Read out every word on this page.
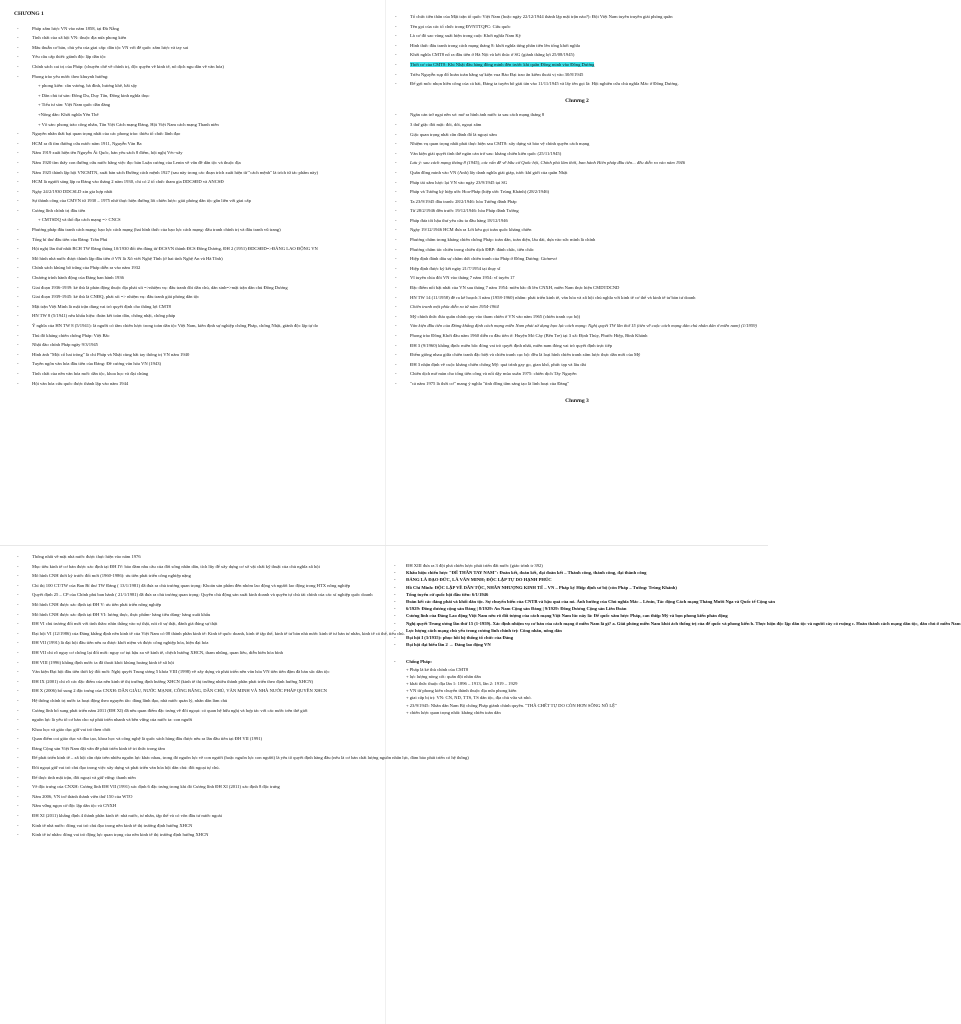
CHƯƠNG 1
- Pháp xâm lược VN vào năm 1858, tại Đà Nẵng
- Tính chất của xã hội VN: thuộc địa nửa phong kiến
- Mâu thuẫn cơ bản, chủ yếu của giai cấp: dân tộc VN với đế quốc xâm lược và tay sai
- Yêu cầu cấp thiết: giành độc lập dân tộc
- Chính sách cai trị của Pháp: (chuyên chế về chính trị, độc quyền về kinh tế, nô dịch ngu dân về văn hóa)
- Phong trào yêu nước theo khuynh hướng:
+ phong kiến: cần vương, bà đình, hương khê, bãi sậy
+ Dân chủ tư sản: Đông Du, Duy Tân, Đông kinh nghĩa thục
+ Tiểu tư sản: Việt Nam quốc dân đảng
+Nông dân: Khởi nghĩa Yên Thế
+ Vô sản: phong trào công nhân, Tân Việt Cách mạng Đảng, Hội Việt Nam cách mạng Thanh niên
- Nguyên nhân thất bại quan trọng nhất của các phong trào: thiếu tổ chức lãnh đạo
- HCM ra đi tìm đường cứu nước năm 1911, Nguyễn Văn Ba
- Năm 1919 xuất hiện tên Nguyễn Ái Quốc, bản yêu sách 8 điểm, hội nghị Véc-xây
- Năm 1920 tìm thấy con đường cứu nước bằng việc đọc bản Luận cương của Lenin về vấn đề dân tộc và thuộc địa
- Năm 1925 thành lập hội VNCMTN, xuất bản sách Đường cách mệnh 1927 (sau này trong các đoạn trích xuất hiện từ "cách mệnh" là trích từ tác phẩm này)
- HCM là người sáng lập ra Đảng vào tháng 2 năm 1930, chỉ có 2 tổ chức tham gia DDCSĐD và ANCSĐ
- Ngày 24/2/1930 DDCSLD xin gia hợp nhất
- Sự thành công của CMVN từ 1930 – 1975 nhờ thực hiện đường lối chiến lược: giải phóng dân tộc gắn liền với giai cấp
- Cương lĩnh chính trị đầu tiên
+ CMTSDQ và thổ địa cách mạng => CNCS
- Phương pháp đấu tranh cách mạng: bạo lực cách mạng (hai hình thức của bạo lực cách mạng: đấu tranh chính trị và đấu tranh vũ trang)
- Tổng bí thư đầu tiên của Đảng: Trần Phú
- Hội nghị lần thứ nhất BCH TW Đảng tháng 10/1930 đổi tên đảng từ ĐCSVN thành ĐCS Đông Dương, ĐH 2 (1951) ĐDCSĐD=>ĐẢNG LAO ĐỘNG VN
- Mô hình nhà nước được thành lập đầu tiên ở VN là Xô viết Nghệ Tĩnh (ở hai tỉnh Nghệ An và Hà Tĩnh)
- Chính sách khủng bố trắng của Pháp diễn ra vào năm 1932
- Chương trình hành động của Đảng ban hành 1936
- Giai đoạn 1936-1939: kẻ thù là phản động thuộc địa phát xít =>nhiệm vụ: đấu tranh đòi dân chủ, dân sinh=>mặt trận dân chủ Đông Dương
- Giai đoạn 1939-1945: kẻ thù là CNĐQ, phát xít => nhiệm vụ: đấu tranh giải phóng dân tộc
- Mặt trận Việt Minh là mặt trận dùng vai trò quyết định cho thắng lợi CMT8
- HN TW 8 (5/1941) nêu khẩu hiệu: đoàn kết toàn dân, chống nhật, chống pháp
- Ý nghĩa của HN TW 8 (5/1941): là người có tầm chiến lược trong toàn dân tộc Việt Nam, kiên định sự nghiệp chống Pháp, chống Nhật, giành độc lập tự do
- Thủ đô kháng chiến chống Pháp: Việt Bắc
- Nhật đảo chính Pháp ngày 9/3/1945
- Hình ảnh "Một cổ hai tròng" là chỉ Pháp và Nhật cùng bắt tay thống trị VN năm 1940
- Tuyên ngôn văn hóa đầu tiên của Đảng: Đề cương văn hóa VN (1943)
- Tính chất của nền văn hóa mới: dân tộc, khoa học và đại chúng
- Hội văn hóa cứu quốc được thành lập vào năm 1944
- Tổ chức tiền thân của Mặt trận tổ quốc Việt Nam (hoặc ngày 22/12/1944 thành lập mặt trận nào?): Đội Việt Nam tuyên truyền giải phóng quân
- Tên gọi của các tổ chức trong ĐVNTTQPC: Cứu quốc
- Là cơ đô sao vàng xuất hiện trong cuộc Khởi nghĩa Nam Kỳ
- Hình thức đấu tranh trong cách mạng tháng 8: khởi nghĩa từng phần tiến lên tổng khởi nghĩa
- Khởi nghĩa CMT8 nổ ra đầu tiên ở Hà Nội và kết thúc ở SG (giành thắng lợi 25/08/1945)
- Thời cơ của CMT8: Khi Nhật đầu hàng đồng minh đến trước khi quân Đồng minh vào Đông Dương
- Triều Nguyễn sụp đổ hoàn toàn bằng sự kiện vua Bảo Đại trao ấn kiếm thoái vị vào 30/8/1945
- Để gợi mốc nhọn hiền công của cả bài, Đảng ta tuyên bố giải tán vào 11/11/1945 và lấy tên gọi là: Hội nghiên cứu chủ nghĩa Mác ở Đông Dương.
Chương 2
- Ngăn cản trở ngại nền sơ: mở ra hình ảnh nước ta sau cách mạng tháng 8
- 3 thứ giặc đói mặt: đói, dốt, ngoại xâm
- Giặc quan trọng nhất cần đánh đổ là ngoại xâm
- Nhiệm vụ quan trọng nhất phải thực hiện sau CMT8: xây dựng và bảo vệ chính quyền cách mạng
- Văn kiện giải quyết tình thế ngăn cản trở sau: kháng chiến kiến quốc (25/11/1945)
- Lưu ý: sau cách mạng tháng 8 (1945), các vấn đề về bầu cử Quốc hội, Chính phủ lâm thời, ban hành Hiến pháp đầu tiên... đều diễn ra vào năm 1946
- Quân đồng minh vào VN (Anh) lấy danh nghĩa giải giáp, tước khí giới của quân Nhật
- Pháp tái xâm lược lại VN vào ngày 23/9/1945 tại SG
- Pháp và Tưởng ký hiệp ước Hoa-Pháp (hiệp ước Trùng Khánh) (28/2/1946)
- Ta 23/9/1945 đầu tranh: 28/2/1946: hòa Tưởng đánh Pháp
- Từ 28/2/1946 đến trước 19/12/1946: hòa Pháp đánh Tưởng
- Pháp đưa tối hậu thư yêu cầu ta đầu hàng 18/12/1946
- Ngày 19/12/1946 HCM đưa ra Lời kêu gọi toàn quốc kháng chiến
- Phương châm trong kháng chiến chống Pháp: toàn dân, toàn diện, lâu dài, dựa vào sức mình là chính
- Phương châm tác chiến trong chiến dịch ĐBP: đánh chắc, tiến chắc
- Hiệp định đánh dấu sự chấm dứt chiến tranh của Pháp ở Đông Dương: Giơnevơ
- Hiệp định được ký kết ngày 21/7/1954 tại thụy sĩ
- Vĩ tuyến chia đôi VN vào tháng 7 năm 1954: vĩ tuyến 17
- Đặc điểm nổi bật nhất của VN sau tháng 7 năm 1954: miền bắc đi lên CNXH, miền Nam thực hiện CMDTDCND
- HN TW 14 (11/1958) đề ra kế hoạch 3 năm (1958-1960) nhằm: phát triển kinh tế, văn hóa và xã hội chủ nghĩa với kinh tế cơ thể và kinh tế tư bản tư doanh
- Chiến tranh một phía diễn ra từ năm 1954-1964
- Mỹ chính thức đưa quân chính quy vào tham chiến ở VN vào năm 1965 (chiến tranh cục bộ)
- Văn kiện đầu tiên của Đảng khẳng định cách mạng miền Nam phải sử dụng bạo lực cách mạng: Nghị quyết TW lần thứ 15 (tiên về cuộc cách mạng dân chủ nhân dân ở miền nam) (1/1959)
- Phong trào Đồng Khởi đầu năm 1960 diễn ra đầu tiên ở: Huyện Mỏ Cày (Bến Tre) tại 3 xã: Định Thủy, Phước Hiệp, Bình Khánh
- ĐH 3 (9/1960) khẳng định: miền bắc đóng vai trò quyết định nhất, miền nam đóng vai trò quyết định trực tiếp
- Điểm giống nhau giữa chiến tranh đặc biệt và chiến tranh cục bộ: đều là loại hình chiến tranh xâm lược thực dân mới của Mỹ
- ĐH 3 nhận định về cuộc kháng chiến chống Mỹ: quá trình gay go, gian khổ, phức tạp và lâu dài
- Chiến dịch mở màn cho tổng tiến công và nổi dậy mùa xuân 1975: chiến dịch Tây Nguyên
- "cả năm 1975 là thời cơ" mang ý nghĩa "tình đồng tâm sáng tạo là linh hoạt của Đảng"
Chương 3
- Thống nhất về mặt nhà nước được thực hiện vào năm 1976
- Mục tiêu kinh tế cơ bản được xác định tại ĐH IV: bảo đảm nhu cầu của đời sống nhân dân, tích lũy để xây dựng cơ sở vật chất kỹ thuật của chủ nghĩa xã hội
- Mô hình CNH thời kỳ trước đổi mới (1960-1986): ưu tiên phát triển công nghiệp nặng
- Chỉ thị 100 CT/TW của Ban Bí thư TW Đảng ( 13/1/1981) đã đưa ra chủ trương quan trọng: Khoán sản phẩm đến nhóm lao động và người lao động trong HTX nông nghiệp
- Quyết định 25 – CP của Chính phủ ban hành ( 21/1/1981) đã đưa ra chủ trương quan trọng: Quyền chủ động sản xuất kinh doanh và quyền tự chủ tài chính của các xí nghiệp quốc doanh
- Mô hình CNH được xác định tại ĐH V: ưu tiên phát triển nông nghiệp
- Mô hình CNH được xác định tại ĐH VI: lương thực, thực phẩm- hàng tiêu dùng- hàng xuất khẩu
- ĐH VI chủ trương đổi mới với tinh thần: nhìn thẳng vào sự thật, nói rõ sự thật, đánh giá đúng sự thật
- Đại hội VI (12/1986) của Đảng khẳng định nền kinh tế của Việt Nam có 08 thành phần kinh tế: Kinh tế quốc doanh, kinh tế tập thể, kinh tế tư bản nhà nước kinh tế tư bản tư nhân, kinh tế cá thể, tiểu chủ.
- ĐH VII (1991) là đại hội đầu tiên nêu ra được khởi niệm và được công nghiệp hóa, hiện đại hóa
- ĐH VII chỉ rõ nguy cơ chống lại đổi mới: nguy cơ tụt hậu xa về kinh tế, chệch hướng XHCN, tham nhũng, quan liêu, diễn biến hòa bình
- ĐH VIII (1996) khẳng định nước ta đã thoát khỏi khủng hoảng kinh tế xã hội
- Văn kiện Đại hội đầu tiên thời kỳ đổi mới: Nghị quyết Trung ương 5 khóa VIII (1998) về xây dựng và phát triển nền văn hóa VN tiên tiến đậm đà bản sắc dân tộc
- ĐH IX (2001) chỉ rõ các đặc điểm của nền kinh tế thị trường định hướng XHCN (kinh tế thị trường nhiều thành phần phát triển theo định hướng XHCN)
- ĐH X (2006) bổ sung 2 đặc trưng của CNXH: DÂN GIÀU, NƯỚC MẠNH, CÔNG BẰNG, DÂN CHỦ, VĂN MINH VÀ NHÀ NƯỚC PHÁP QUYỀN XHCN
- Hệ thống chính trị nước ta hoạt động theo nguyên tắc: đảng lãnh đạo, nhà nước quản lý, nhân dân làm chủ
- Cương lĩnh bổ sung phát triển năm 2011 (ĐH XI) đã nêu quan điểm đặc trưng về đối ngoại: có quan hệ hữu nghị và hợp tác với các nước trên thế giới
- nguồn lực là yếu tố cơ bản cho sự phát triển nhanh và bền vững của nước ta: con người
- Khoa học và giáo dục giữ vai trò then chốt
- Quan điểm coi giáo dục và đào tạo, khoa học và công nghệ là quốc sách hàng đầu được nêu ra lần đầu tiên tại ĐH VII (1991)
- Đảng Cộng sản Việt Nam đặt vấn đề phát triển kinh tế tri thức trong tâm
- Để phát triển kinh tế – xã hội cần dựa trên nhiều nguồn lực khác nhau, trong đó nguồn lực về con người (hoặc nguồn lực con người) là yếu tố quyết định hàng đầu (nếu là cơ bản chất lượng nguồn nhân lực, đảm bảo phát triển có hệ thống)
- Đối ngoại giữ vai trò chủ đạo trong việc xây dựng và phát triển văn hóa hội dân chủ: đối ngoại tự chủ.
- Để thực tình mặt trận, đối ngoại và giữ vững: thanh niên
- Về đặc trưng của CNXH: Cương lĩnh ĐH VII (1991) xác định 6 đặc trưng trong khi đó Cương lĩnh ĐH XI (2011) xác định 8 đặc trưng
- Năm 2006, VN trở thành thành viên thứ 150 của WTO
- Nắm vững ngọn cờ độc lập dân tộc và CNXH
- ĐH XI (2011) khẳng định 4 thành phần kinh tế: nhà nước, tư nhân, tập thể và có vốn đầu tư nước ngoài
- Kinh tế nhà nước: đóng vai trò chủ đạo trong nền kinh tế thị trường định hướng XHCN
- Kinh tế tư nhân: đóng vai trò động lực quan trọng của nền kinh tế thị trường định hướng XHCN
- ĐH XIII đưa ra 3 đột phá chiến lược phát triển đất nước (giáo trình tr 392)
- Khẩu hiệu chiến lược "ĐỂ THÂN TAY NAM": Đoàn kết, đoàn kết, đại đoàn kết – Thành công, thành công, đại thành công
- ĐẢNG LÀ ĐẠO ĐỨC, LÀ VĂN MINH; ĐỘC LẬP TỰ DO HẠNH PHÚC
- Hồ Chí Minh: ĐỘC LẬP VỀ DÂN TỘC, NHÂN NHƯỢNG KINH TẾ – VN – Pháp ký Hiệp định sơ bộ (còn Pháp – Tưởng: Trùng Khánh)
- Tổng tuyển cử quốc hội đầu tiên: 6/1/1946
- Đoàn kết các đảng phái và khối dân tộc. Sự chuyển biến của CNTB và hậu quả của nó. Ảnh hưởng của Chủ nghĩa Mác – Lênin, Tác động Cách mạng Tháng Mười Nga và Quốc tế Cộng sản
- 6/1929: Đông dương cộng sản Đảng | 8/1929: An Nam Cộng sản Đảng | 9/1929: Đông Dương Cộng sản Liên Đoàn
- Cương lĩnh của Đảng Lao động Việt Nam nêu rõ đối tượng của cách mạng Việt Nam lúc này là: Đế quốc xâm lược Pháp, can thiệp Mỹ và bọn phong kiến phản động
- Nghị quyết Trung ương lần thứ 15 (1-1959). Xác định nhiệm vụ cơ bản của cách mạng ở miền Nam là gì? a. Giải phóng miền Nam khỏi ách thống trị của đế quốc và phong kiến b. Thực hiện độc lập dân tộc và người cày có ruộng c. Hoàn thành cách mạng dân tộc, dân chủ ở miền Nam
- Lực lượng cách mạng chủ yếu trong cương lĩnh chính trị: Công nhân, nông dân
- Đại hội I (3/1935): phục hồi hệ thống tổ chức của Đảng
- Đại hội đại biểu lần 2 → Đảng lao động VN
- Chống Pháp:
+ Pháp là kẻ thù chính của CMT8
+ lực lượng nòng cốt: quân đội nhân dân
+ khái thức thuộc địa lần 1: 1896 – 1913, lần 2: 1919 – 1929
+ VN từ phong kiến chuyển thành thuộc địa nửa phong kiến
+ giai cấp bị trị: VN: CN, ND, TTS, TS dân tộc, địa chủ vừa và nhỏ.
+ 23/9/1945: Nhân dân Nam Bộ chống Pháp giành chính quyền. "THÀ CHẾT TỰ DO CÒN HƠN SỐNG NÔ LỆ"
+ chiến lược quan trọng nhất: kháng chiến toàn dân
